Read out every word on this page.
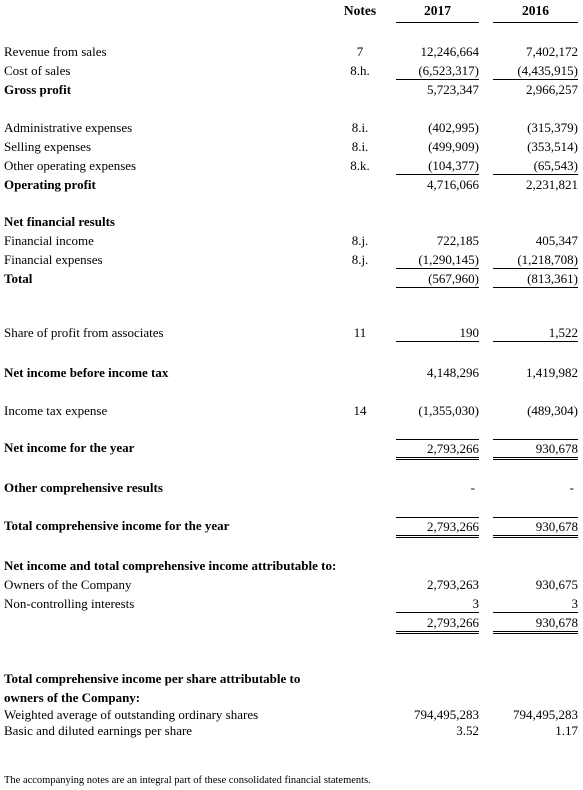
Notes	2017	2016
Revenue from sales	7	12,246,664	7,402,172
Cost of sales	8.h.	(6,523,317)	(4,435,915)
Gross profit	5,723,347	2,966,257
Administrative expenses	8.i.	(402,995)	(315,379)
Selling expenses	8.i.	(499,909)	(353,514)
Other operating expenses	8.k.	(104,377)	(65,543)
Operating profit	4,716,066	2,231,821
Net financial results
Financial income	8.j.	722,185	405,347
Financial expenses	8.j.	(1,290,145)	(1,218,708)
Total	(567,960)	(813,361)
Share of profit from associates	11	190	1,522
Net income before income tax	4,148,296	1,419,982
Income tax expense	14	(1,355,030)	(489,304)
Net income for the year	2,793,266	930,678
Other comprehensive results	-	-
Total comprehensive income for the year	2,793,266	930,678
Net income and total comprehensive income attributable to:
Owners of the Company	2,793,263	930,675
Non-controlling interests	3	3
2,793,266	930,678
Total comprehensive income per share attributable to
owners of the Company:
Weighted average of outstanding ordinary shares	794,495,283	794,495,283
Basic and diluted earnings per share	3.52	1.17
The accompanying notes are an integral part of these consolidated financial statements.
